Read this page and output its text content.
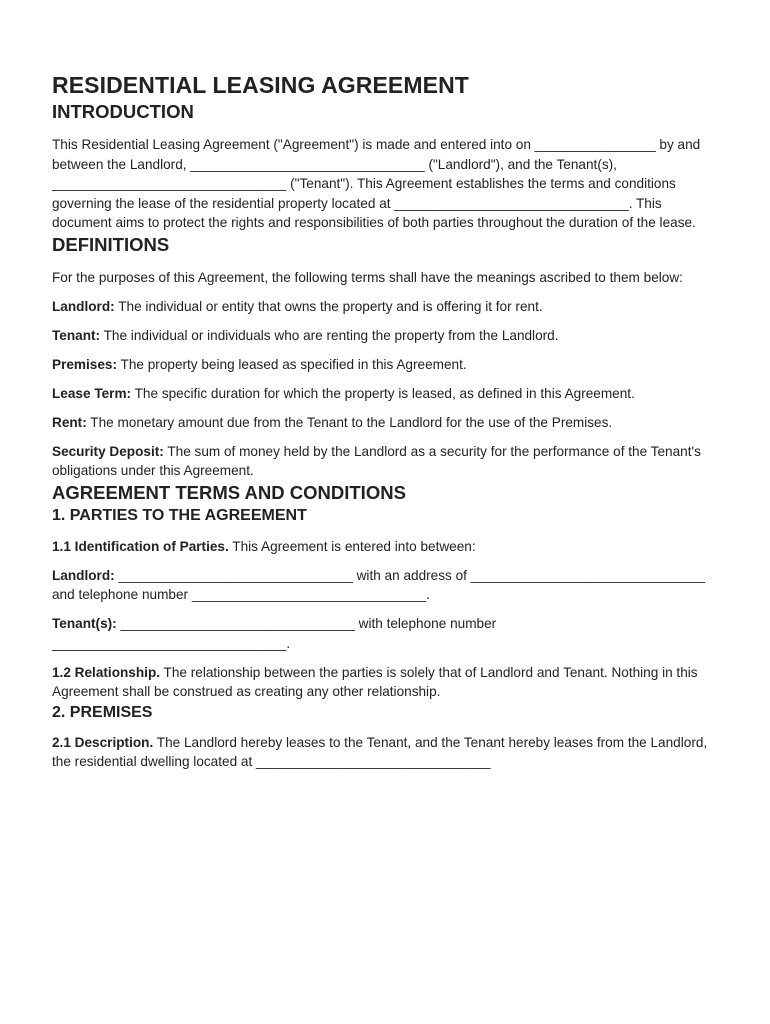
RESIDENTIAL LEASING AGREEMENT
INTRODUCTION

This Residential Leasing Agreement ("Agreement") is made and entered into on ________________ by and between the Landlord, _______________________________ ("Landlord"), and the Tenant(s), _______________________________ ("Tenant"). This Agreement establishes the terms and conditions governing the lease of the residential property located at _______________________________. This document aims to protect the rights and responsibilities of both parties throughout the duration of the lease.

DEFINITIONS

For the purposes of this Agreement, the following terms shall have the meanings ascribed to them below:

Landlord: The individual or entity that owns the property and is offering it for rent.

Tenant: The individual or individuals who are renting the property from the Landlord.

Premises: The property being leased as specified in this Agreement.

Lease Term: The specific duration for which the property is leased, as defined in this Agreement.

Rent: The monetary amount due from the Tenant to the Landlord for the use of the Premises.

Security Deposit: The sum of money held by the Landlord as a security for the performance of the Tenant's obligations under this Agreement.

AGREEMENT TERMS AND CONDITIONS
1. PARTIES TO THE AGREEMENT

1.1 Identification of Parties. This Agreement is entered into between:

Landlord: _______________________________ with an address of _______________________________ and telephone number _______________________________.

Tenant(s): _______________________________ with telephone number _______________________________.

1.2 Relationship. The relationship between the parties is solely that of Landlord and Tenant. Nothing in this Agreement shall be construed as creating any other relationship.

2. PREMISES

2.1 Description. The Landlord hereby leases to the Tenant, and the Tenant hereby leases from the Landlord, the residential dwelling located at _______________________________
